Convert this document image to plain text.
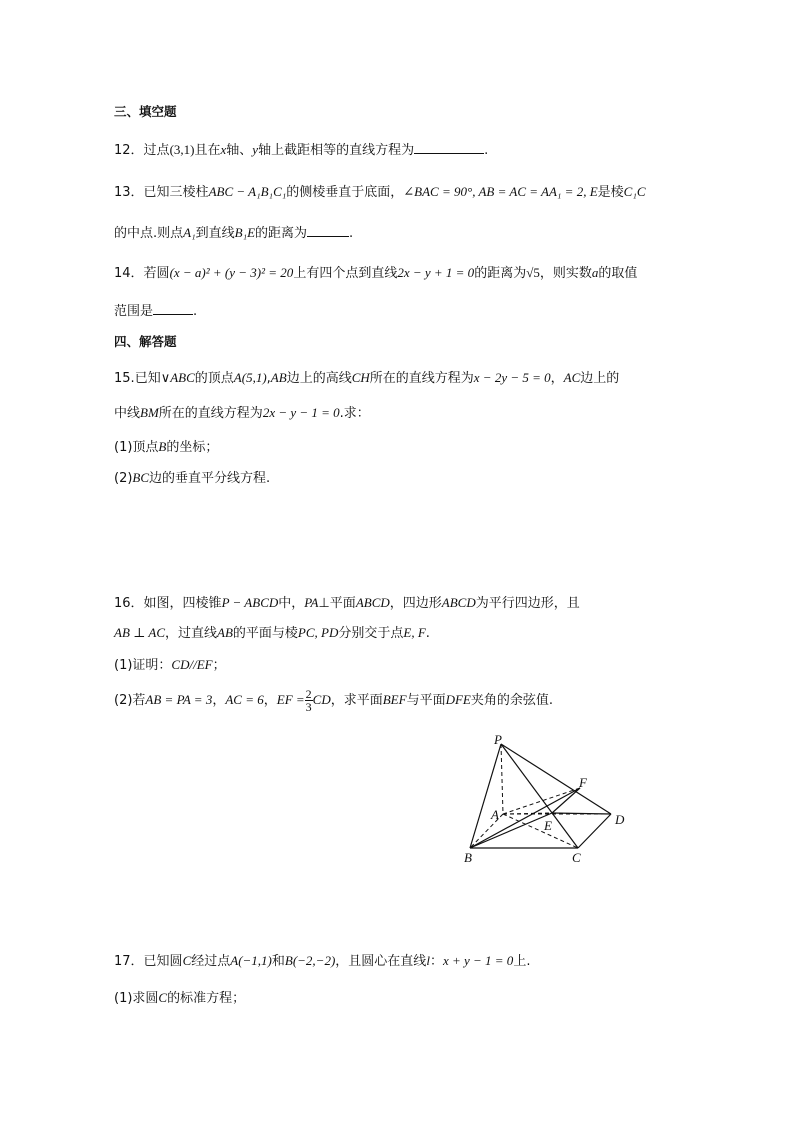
三、填空题
12．过点(3,1)且在x轴、y轴上截距相等的直线方程为	.
13．已知三棱柱ABC − A₁B₁C₁的侧棱垂直于底面，∠BAC = 90°, AB = AC = AA₁ = 2, E是棱C₁C
的中点.则点A₁到直线B₁E的距离为	.
14．若圆(x − a)² + (y − 3)² = 20上有四个点到直线2x − y + 1 = 0的距离为√5，则实数a的取值
范围是	.
四、解答题
15.已知∨ABC的顶点A(5,1),AB边上的高线CH所在的直线方程为x − 2y − 5 = 0，AC边上的
中线BM所在的直线方程为2x − y − 1 = 0.求：
(1)顶点B的坐标；
(2)BC边的垂直平分线方程.
16．如图，四棱锥P − ABCD中，PA⊥平面ABCD，四边形ABCD为平行四边形，且
AB ⊥ AC，过直线AB的平面与棱PC, PD分别交于点E, F.
(1)证明：CD//EF；
(2)若AB = PA = 3，AC = 6，EF = $\frac{2}{3}$ CD，求平面BEF与平面DFE夹角的余弦值.
P
A
B	C
D
E
F
17．已知圆C经过点A(−1,1)和B(−2,−2)，且圆心在直线l：x + y − 1 = 0上.
(1)求圆C的标准方程；
